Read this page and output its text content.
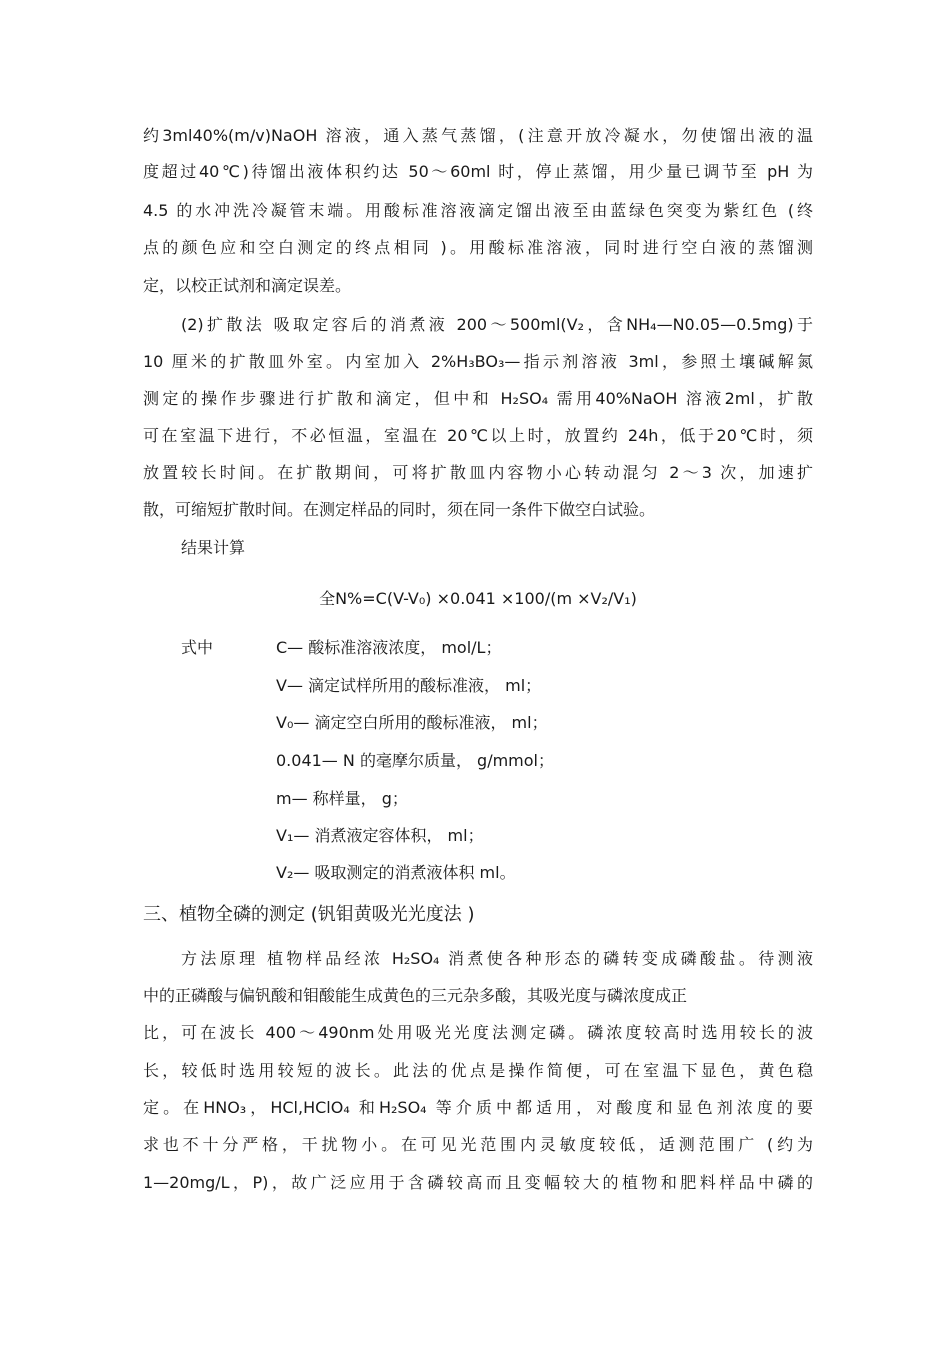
约3ml40%(m/v)NaOH 溶液，通入蒸气蒸馏，(注意开放冷凝水，勿使馏出液的温
度超过40℃)待馏出液体积约达 50～60ml 时，停止蒸馏，用少量已调节至 pH 为
4.5 的水冲洗冷凝管末端。用酸标准溶液滴定馏出液至由蓝绿色突变为紫红色 (终
点的颜色应和空白测定的终点相同 )。用酸标准溶液，同时进行空白液的蒸馏测
定，以校正试剂和滴定误差。
(2)扩散法 吸取定容后的消煮液 200～500ml(V₂，含NH₄—N0.05—0.5mg)于
10 厘米的扩散皿外室。内室加入 2%H₃BO₃—指示剂溶液 3ml，参照土壤碱解氮
测定的操作步骤进行扩散和滴定，但中和 H₂SO₄ 需用40%NaOH 溶液2ml，扩散
可在室温下进行，不必恒温，室温在 20℃以上时，放置约 24h，低于20℃时，须
放置较长时间。在扩散期间，可将扩散皿内容物小心转动混匀 2～3 次，加速扩
散，可缩短扩散时间。在测定样品的同时，须在同一条件下做空白试验。
结果计算
全N%=C(V-V₀) ×0.041 ×100/(m ×V₂/V₁)
式中	C— 酸标准溶液浓度， mol/L；
V— 滴定试样所用的酸标准液， ml；
V₀— 滴定空白所用的酸标准液， ml；
0.041— N 的毫摩尔质量， g/mmol；
m— 称样量， g；
V₁— 消煮液定容体积， ml；
V₂— 吸取测定的消煮液体积 ml。
三、植物全磷的测定 (钒钼黄吸光光度法 )
方法原理 植物样品经浓 H₂SO₄ 消煮使各种形态的磷转变成磷酸盐。待测液
中的正磷酸与偏钒酸和钼酸能生成黄色的三元杂多酸，其吸光度与磷浓度成正
比，可在波长 400～490nm处用吸光光度法测定磷。磷浓度较高时选用较长的波
长，较低时选用较短的波长。此法的优点是操作简便，可在室温下显色，黄色稳
定。在HNO₃，HCl,HClO₄ 和H₂SO₄ 等介质中都适用，对酸度和显色剂浓度的要
求也不十分严格，干扰物小。在可见光范围内灵敏度较低，适测范围广 (约为
1—20mg/L，P)，故广泛应用于含磷较高而且变幅较大的植物和肥料样品中磷的
